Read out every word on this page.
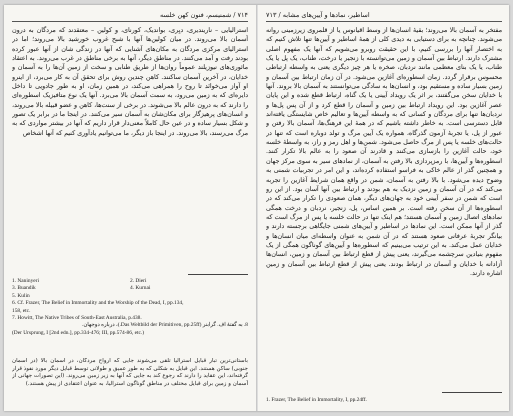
۷۱۴ / شمنیسم، فنون کهن خلسه

استرالیایی – ناریندیری، دیِری، بوانديک، کورنای، و کولین – معتقدند که مردگان به درون آسمان بالا می‌روند. در میان کولین‌ها آنها با شبح غروب خورشید بالا می‌روند؛ اما در استرالیای مرکزی مردگان به مکان‌های آشنایی که آنها در زندگی شان از آنها عبور کرده بودند رفت و آمد می‌کنند. در مناطق دیگر، آنها به برخی مناطق در غرب می‌روند. به اعتقاد مائوری‌های نیوزیلند عموماً روان‌ها از طریق طنابی و سخت از زمین آن‌ها را به آسمان و خدایان، در آخرین آسمان ساکنند. کاهن چندین روش برای تحقق آن به کار می‌برد، از اینرو او آواز می‌خوانَد تا روح را همراهی می‌کند، در همین زمان، او به طور جادویی تا داخل دایره‌ای که به زمین می‌رود، به سمت آسمان بالا می‌برد. آنها یک نوع متافیزیک اسطوره‌ای را دارند که به درون عالم بالا می‌شوند. در برخی از سنت‌ها، کاهن و عضو قبیله بالا می‌روند، و انسان‌های پرهیزگار برای مکان‌شان به آسمان سیر می‌کنند. در اینجا ما در برابر یک تصور و شکل بسیار ساده و در عین حال کاملاً معنی‌دار قرار داریم که آنها در بیشتر مواردی که به مرگ می‌رسند، بالا می‌روند. در اینجا باز دیگر، ما می‌توانیم یادآوری کنیم که آنها اشخاص

1. Naninyeri	2. Dieri
3. Buandik	4. Kurnai
5. Kulin
6. Cf. Frazer, The Belief in Immortality and the Worship of the Dead, I, pp.134,
158, etc.
7. Howitt, The Native Tribes of South-East Australia, p.438.
8. به گفتهٔ اف. گرابنر (Das Weltbild der Primitiven, pp.25ff.)، درباره دوجهان.
(Der Ursprung, I [2nd edn.], pp.334-476; III, pp.574-86, etc.)
باستانی‌ترین تبار قبایل استرالیا تلقی می‌شوند جایی که ارواح مردگان، در آسمان بالا (در آسمان جنوبی) ساکن هستند. این قبایل به شکلی که به طور عمیق و طولانی توسط قبایل دیگر مورد نفوذ قرار گرفته‌اند، این عقاید را دارند که رجوع کند به جایی که آنها به زیر زمین می‌روند. (این تصورات جهانی از آسمان و زمین برای قبایل مختلف در مناطق گوناگون استرالیا، به عنوان اعتقادی از پیش هستند.)
اساطیر، نمادها و آیین‌های مشابه / ۷۱۳

مفتخر به آسمان بالا می‌روند؛ بقیهٔ انسان‌ها از وسط اقیانوس یا از قلمروی زیرزمینی روانه می‌شوند. چنانچه به برای دستیابی به دیدی کلی از همهٔ اساطیر و آیین‌ها تنها تلاش کنیم که به اختصار آنها را بررسی کنیم، با این حقیقت روبرو می‌شویم که آنها یک مفهوم اصلی مشترک دارند. ارتباط بین آسمان و زمین می‌توانسته با زنجیر یا درخت، طناب، یک پل یا یک طناب، یا یک بنای معظمی مانند نردبان، صخره یا هر چیز دیگری یعنی به واسطه ارتباطی محسوس برقرار گردد. زمان اسطوره‌ای آغازین می‌شود. در آن زمان ارتباط بین آسمان و زمین بسیار ساده و مستقیم بود، و انسان‌ها به سادگی می‌توانستند به آسمان بالا بروند. آنها با خدایان سخن می‌گفتند، بر اثر یک رویداد آیینی یا یک گناه، ارتباط قطع شده و این پایان عصر آغازین بود. این رویداد ارتباط بین زمین و آسمان را قطع کرد و از آن پس پل‌ها و نردبان‌ها تنها برای مردگان و کسانی که به واسطه آیین‌ها و تعالیم خاص شایستگی یافته‌اند قابل دسترسی است. به خاطر داشته باشیم که در همهٔ این فرهنگ‌ها، آسمان بالا رفتن و عبور از پل، یا تجربهٔ آزمون گذرگاه، همواره یک آیین مرگ و تولد دوباره است که تنها در حالت‌های خلسه یا پس از مرگ حاصل می‌شود. شمن‌ها و اهل رمز و راز، به واسطهٔ خلسه خود، حالت آغازین را بازسازی می‌کنند و قادرند آن صعود را به عالم بالا تکرار کنند. اسطوره‌ها و آیین‌ها، با رمزپردازی بالا رفتن به آسمان، از نمادهای سیر به سوی مرکز جهان و همچنین گذر از عالم خاکی به فراسو استفاده کرده‌اند، و این امر در تجربیات شمنی به وضوح دیده می‌شود. با بالا رفتن به آسمان، شمن در واقع همان شرایط آغازین را تجربه می‌کند که در آن آسمان و زمین نزدیک به هم بودند و ارتباط بین آنها آسان بود. از این رو است که شمن در سفر آیینی خود به جهان‌های دیگر، همان صعودی را تکرار می‌کند که در اسطوره‌ها از آن سخن رفته است. بر همین اساس، پل، زنجیر، نردبان و درخت همگی نمادهای اتصال زمین و آسمان هستند؛ هم اینک تنها در حالت خلسه یا پس از مرگ است که گذر از آنها ممکن است. این نمادها در اساطیر و آیین‌های شمنی جایگاهی برجسته دارند و بیانگر تجربهٔ عرفانی صعود هستند که در آن شمن به عنوان واسطه‌ای میان انسان‌ها و خدایان عمل می‌کند. به این ترتیب می‌بینیم که اسطوره‌ها و آیین‌های گوناگون همگی از یک مفهوم بنیادین سرچشمه می‌گیرند، یعنی پیش از قطع ارتباط بین آسمان و زمین، انسان‌ها آزادانه با خدایان و آسمان در ارتباط بودند. یعنی پیش از قطع ارتباط بین آسمان و زمین اشاره دارند.

1. Frazer, The Belief in Immortality, I, pp.24ff.
